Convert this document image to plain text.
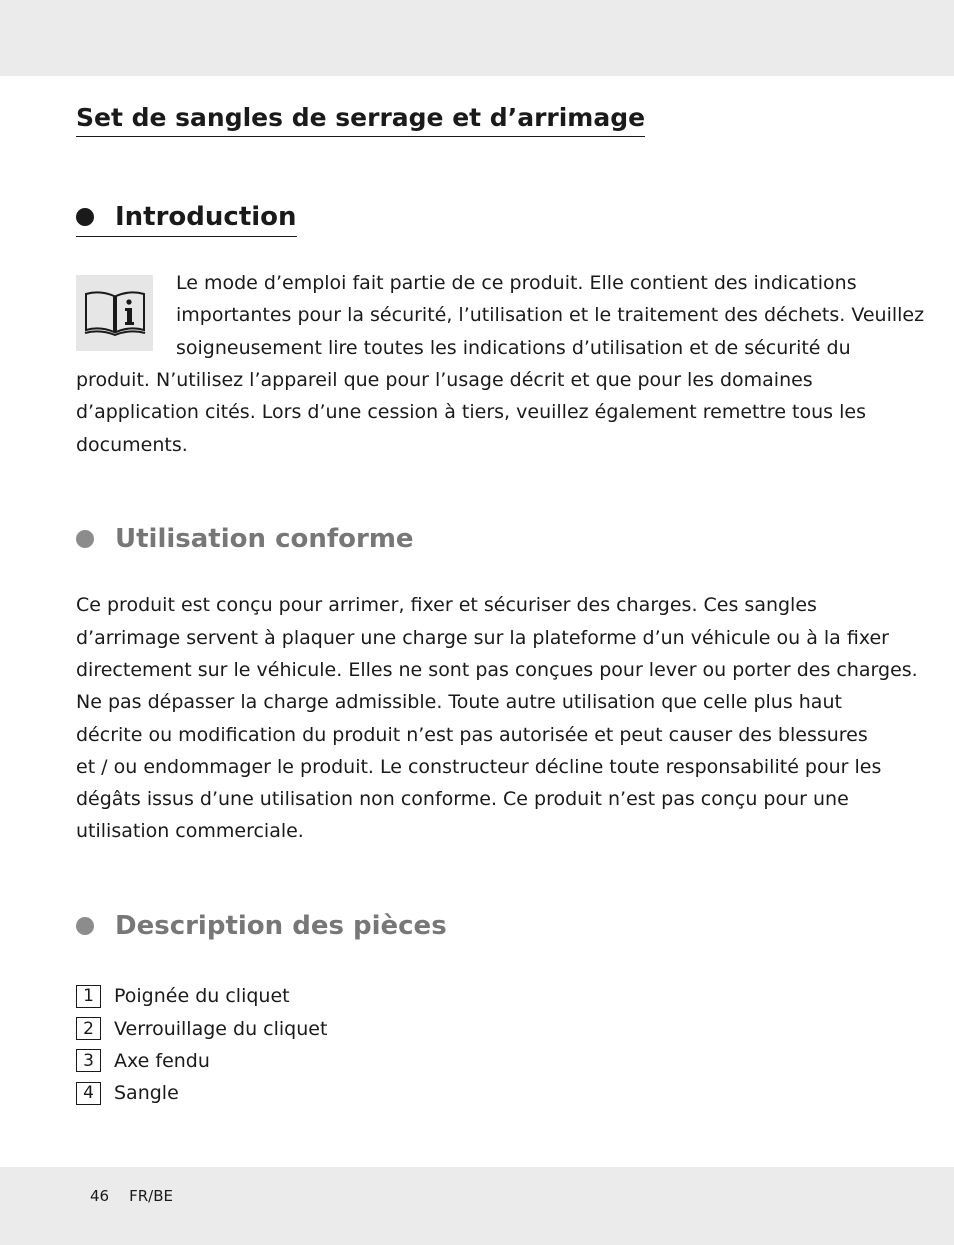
Set de sangles de serrage et d’arrimage
Introduction

Le mode d’emploi fait partie de ce produit. Elle contient des indications

importantes pour la sécurité, l’utilisation et le traitement des déchets. Veuillez

soigneusement lire toutes les indications d’utilisation et de sécurité du

produit. N’utilisez l’appareil que pour l’usage décrit et que pour les domaines

d’application cités. Lors d’une cession à tiers, veuillez également remettre tous les

documents.

Utilisation conforme

Ce produit est conçu pour arrimer, fixer et sécuriser des charges. Ces sangles

d’arrimage servent à plaquer une charge sur la plateforme d’un véhicule ou à la fixer

directement sur le véhicule. Elles ne sont pas conçues pour lever ou porter des charges.

Ne pas dépasser la charge admissible. Toute autre utilisation que celle plus haut

décrite ou modification du produit n’est pas autorisée et peut causer des blessures

et / ou endommager le produit. Le constructeur décline toute responsabilité pour les

dégâts issus d’une utilisation non conforme. Ce produit n’est pas conçu pour une

utilisation commerciale.

Description des pièces
1	Poignée du cliquet
2	Verrouillage du cliquet
3	Axe fendu
4	Sangle
46 FR/BE
